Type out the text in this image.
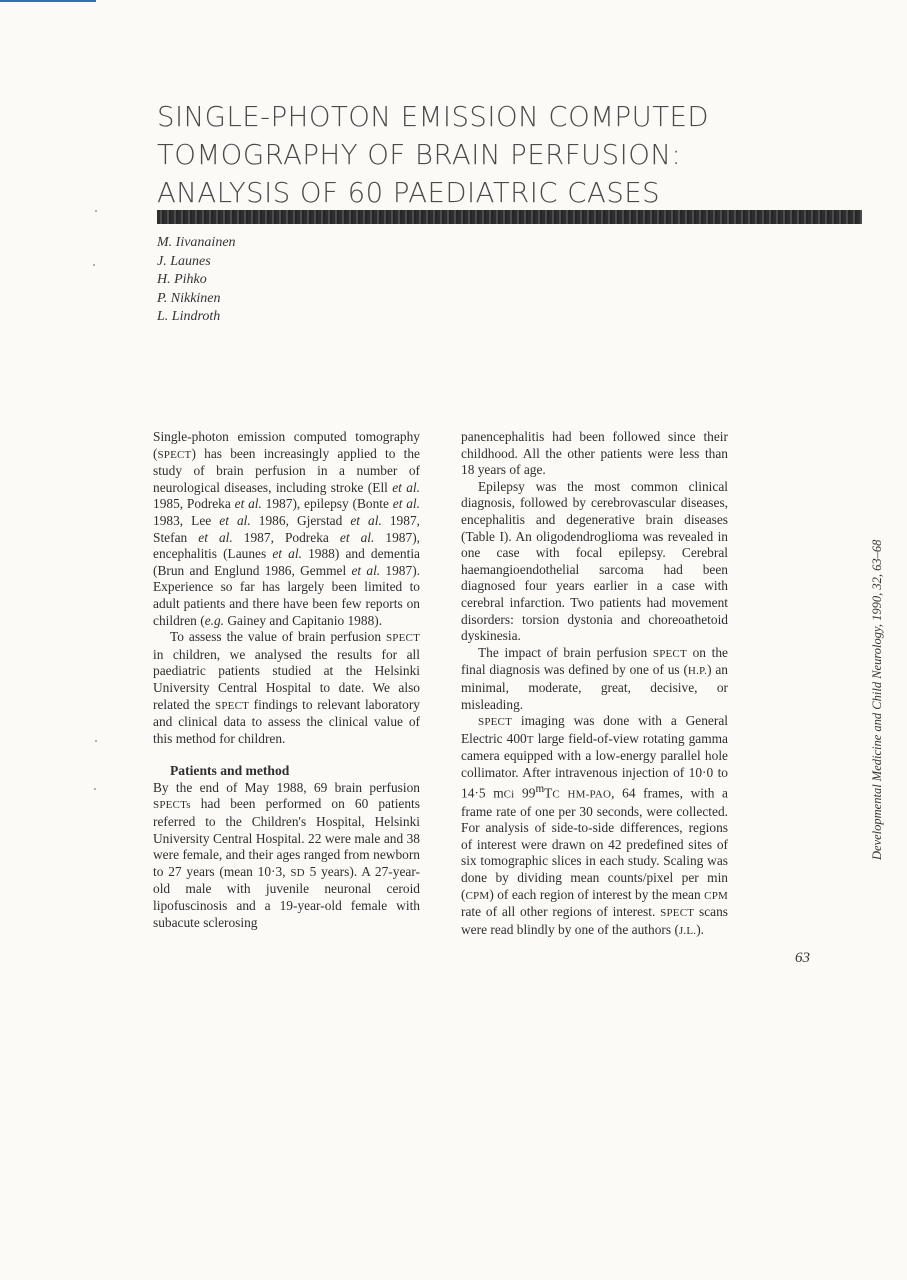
SINGLE-PHOTON EMISSION COMPUTED
TOMOGRAPHY OF BRAIN PERFUSION:
ANALYSIS OF 60 PAEDIATRIC CASES
M. Iivanainen
J. Launes
H. Pihko
P. Nikkinen
L. Lindroth

Single-photon emission computed tomography (SPECT) has been increasingly applied to the study of brain perfusion in a number of neurological diseases, including stroke (Ell et al. 1985, Podreka et al. 1987), epilepsy (Bonte et al. 1983, Lee et al. 1986, Gjerstad et al. 1987, Stefan et al. 1987, Podreka et al. 1987), encephalitis (Launes et al. 1988) and dementia (Brun and Englund 1986, Gemmel et al. 1987). Experience so far has largely been limited to adult patients and there have been few reports on children (e.g. Gainey and Capitanio 1988).

To assess the value of brain perfusion SPECT in children, we analysed the results for all paediatric patients studied at the Helsinki University Central Hospital to date. We also related the SPECT findings to relevant laboratory and clinical data to assess the clinical value of this method for children.

Patients and method

By the end of May 1988, 69 brain perfusion SPECTs had been performed on 60 patients referred to the Children's Hospital, Helsinki University Central Hospital. 22 were male and 38 were female, and their ages ranged from newborn to 27 years (mean 10·3, SD 5 years). A 27-year-old male with juvenile neuronal ceroid lipofuscinosis and a 19-year-old female with subacute sclerosing

panencephalitis had been followed since their childhood. All the other patients were less than 18 years of age.

Epilepsy was the most common clinical diagnosis, followed by cerebrovascular diseases, encephalitis and degenerative brain diseases (Table I). An oligodendroglioma was revealed in one case with focal epilepsy. Cerebral haemangioendothelial sarcoma had been diagnosed four years earlier in a case with cerebral infarction. Two patients had movement disorders: torsion dystonia and choreoathetoid dyskinesia.

The impact of brain perfusion SPECT on the final diagnosis was defined by one of us (H.P.) an minimal, moderate, great, decisive, or misleading.

SPECT imaging was done with a General Electric 400T large field-of-view rotating gamma camera equipped with a low-energy parallel hole collimator. After intravenous injection of 10·0 to 14·5 mCi 99$^m$TC HM-PAO, 64 frames, with a frame rate of one per 30 seconds, were collected. For analysis of side-to-side differences, regions of interest were drawn on 42 predefined sites of six tomographic slices in each study. Scaling was done by dividing mean counts/pixel per min (CPM) of each region of interest by the mean CPM rate of all other regions of interest. SPECT scans were read blindly by one of the authors (J.L.).

Developmental Medicine and Child Neurology, 1990, 32, 63–68
63
